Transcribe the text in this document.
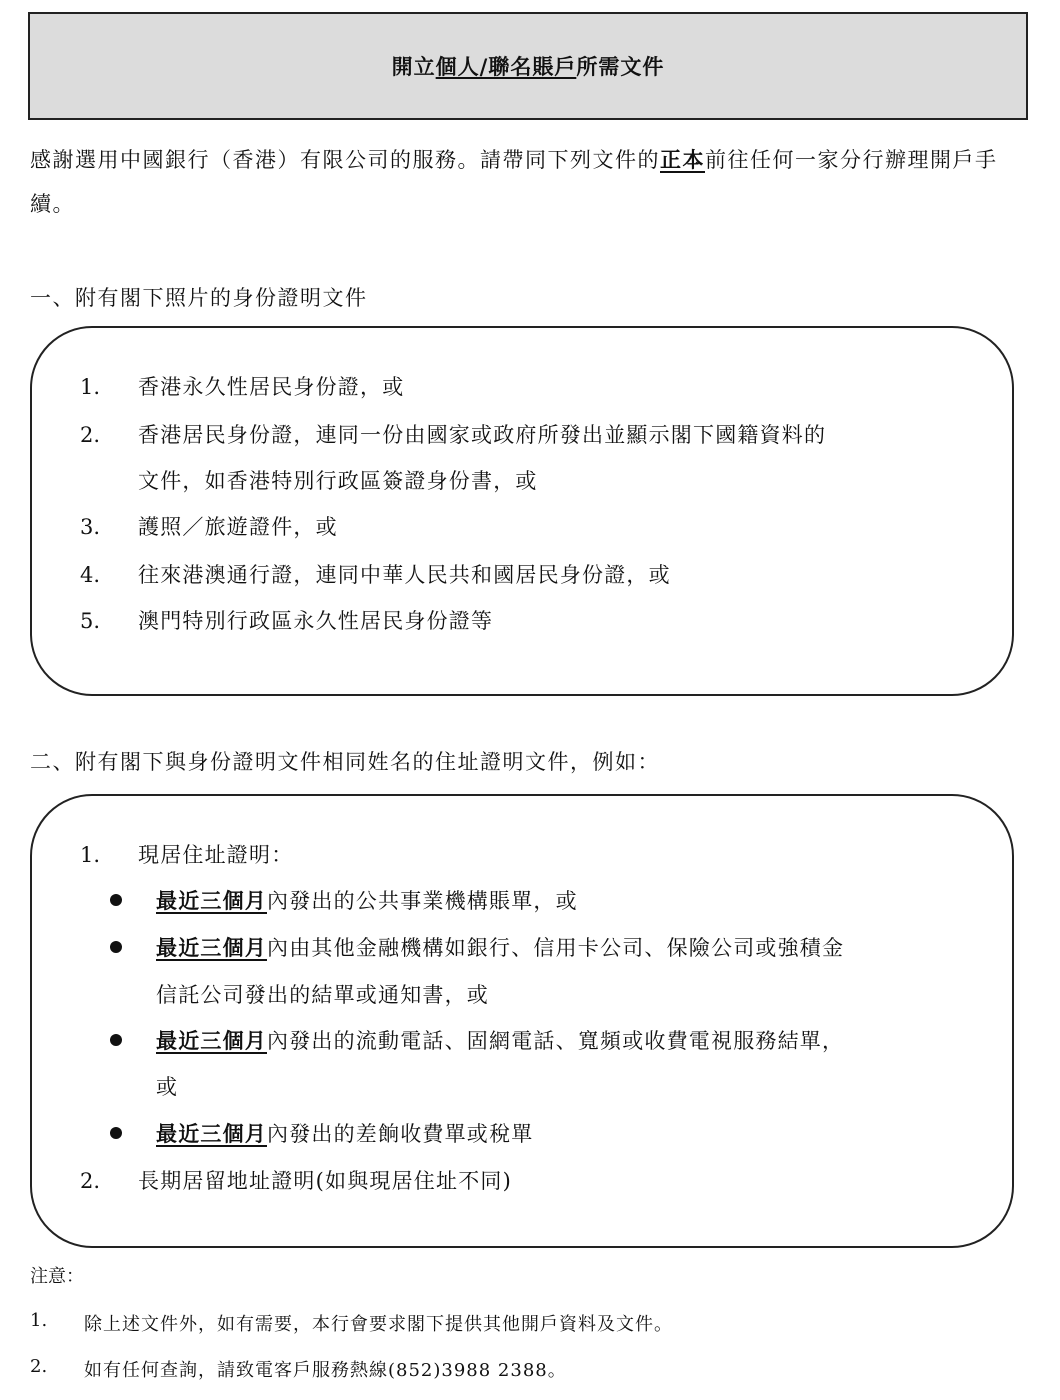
開立個人/聯名賬戶所需文件
感謝選用中國銀行（香港）有限公司的服務。請帶同下列文件的正本前往任何一家分行辦理開戶手續。
一、附有閣下照片的身份證明文件
1.	香港永久性居民身份證，或
2.	香港居民身份證，連同一份由國家或政府所發出並顯示閣下國籍資料的
文件，如香港特別行政區簽證身份書，或
3.	護照／旅遊證件，或
4.	往來港澳通行證，連同中華人民共和國居民身份證，或
5.	澳門特別行政區永久性居民身份證等
二、附有閣下與身份證明文件相同姓名的住址證明文件，例如：
1.	現居住址證明：
最近三個月內發出的公共事業機構賬單，或
最近三個月內由其他金融機構如銀行、信用卡公司、保險公司或強積金
信託公司發出的結單或通知書，或
最近三個月內發出的流動電話、固網電話、寬頻或收費電視服務結單，
或
最近三個月內發出的差餉收費單或稅單
2.	長期居留地址證明(如與現居住址不同)
注意：
1. 除上述文件外，如有需要，本行會要求閣下提供其他開戶資料及文件。
2. 如有任何查詢，請致電客戶服務熱線(852)3988 2388。
